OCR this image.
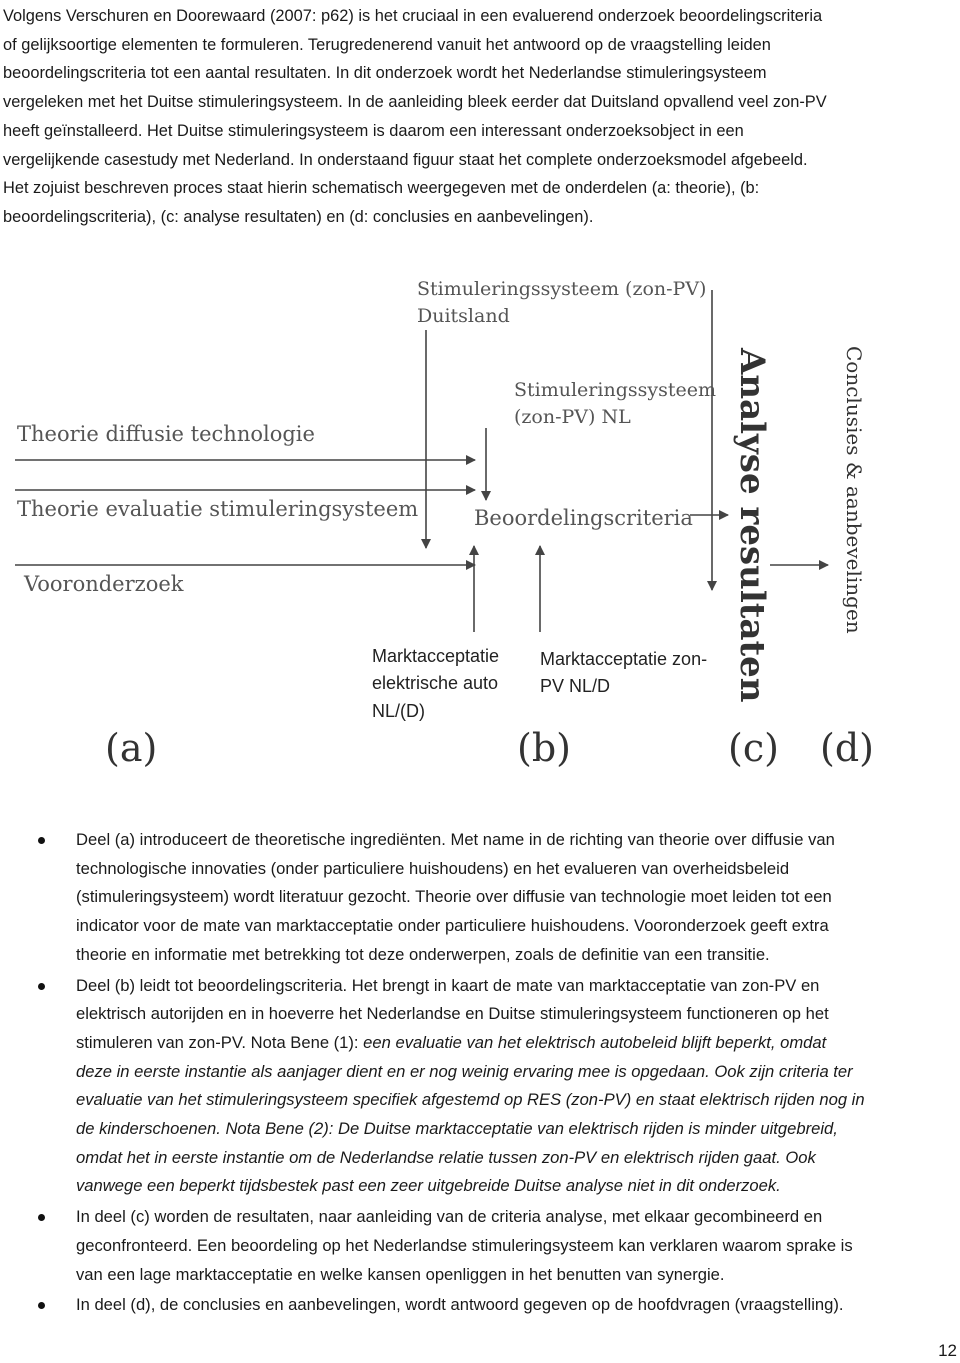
Volgens Verschuren en Doorewaard (2007: p62) is het cruciaal in een evaluerend onderzoek beoordelingscriteria
of gelijksoortige elementen te formuleren. Terugredenerend vanuit het antwoord op de vraagstelling leiden
beoordelingscriteria tot een aantal resultaten. In dit onderzoek wordt het Nederlandse stimuleringsysteem
vergeleken met het Duitse stimuleringsysteem. In de aanleiding bleek eerder dat Duitsland opvallend veel zon-PV
heeft geïnstalleerd. Het Duitse stimuleringsysteem is daarom een interessant onderzoeksobject in een
vergelijkende casestudy met Nederland. In onderstaand figuur staat het complete onderzoeksmodel afgebeeld.
Het zojuist beschreven proces staat hierin schematisch weergegeven met de onderdelen (a: theorie), (b:
beoordelingscriteria), (c: analyse resultaten) en (d: conclusies en aanbevelingen).
Stimuleringssysteem (zon-PV)
Duitsland
Stimuleringssysteem
(zon-PV) NL
Theorie diffusie technologie
Theorie evaluatie stimuleringsysteem
Vooronderzoek
Beoordelingscriteria Analyse resultaten	Conclusies & aanbevelingen
Marktacceptatie
elektrische auto
NL/(D)
Marktacceptatie zon-
PV NL/D
(a)	(b)	(c) (d)
Deel (a) introduceert de theoretische ingrediënten. Met name in de richting van theorie over diffusie van
technologische innovaties (onder particuliere huishoudens) en het evalueren van overheidsbeleid
(stimuleringsysteem) wordt literatuur gezocht. Theorie over diffusie van technologie moet leiden tot een
indicator voor de mate van marktacceptatie onder particuliere huishoudens. Vooronderzoek geeft extra
theorie en informatie met betrekking tot deze onderwerpen, zoals de definitie van een transitie.
Deel (b) leidt tot beoordelingscriteria. Het brengt in kaart de mate van marktacceptatie van zon-PV en
elektrisch autorijden en in hoeverre het Nederlandse en Duitse stimuleringsysteem functioneren op het
stimuleren van zon-PV. Nota Bene (1): een evaluatie van het elektrisch autobeleid blijft beperkt, omdat
deze in eerste instantie als aanjager dient en er nog weinig ervaring mee is opgedaan. Ook zijn criteria ter
evaluatie van het stimuleringsysteem specifiek afgestemd op RES (zon-PV) en staat elektrisch rijden nog in
de kinderschoenen. Nota Bene (2): De Duitse marktacceptatie van elektrisch rijden is minder uitgebreid,
omdat het in eerste instantie om de Nederlandse relatie tussen zon-PV en elektrisch rijden gaat. Ook
vanwege een beperkt tijdsbestek past een zeer uitgebreide Duitse analyse niet in dit onderzoek.
In deel (c) worden de resultaten, naar aanleiding van de criteria analyse, met elkaar gecombineerd en
geconfronteerd. Een beoordeling op het Nederlandse stimuleringsysteem kan verklaren waarom sprake is
van een lage marktacceptatie en welke kansen openliggen in het benutten van synergie.
In deel (d), de conclusies en aanbevelingen, wordt antwoord gegeven op de hoofdvragen (vraagstelling).
12
